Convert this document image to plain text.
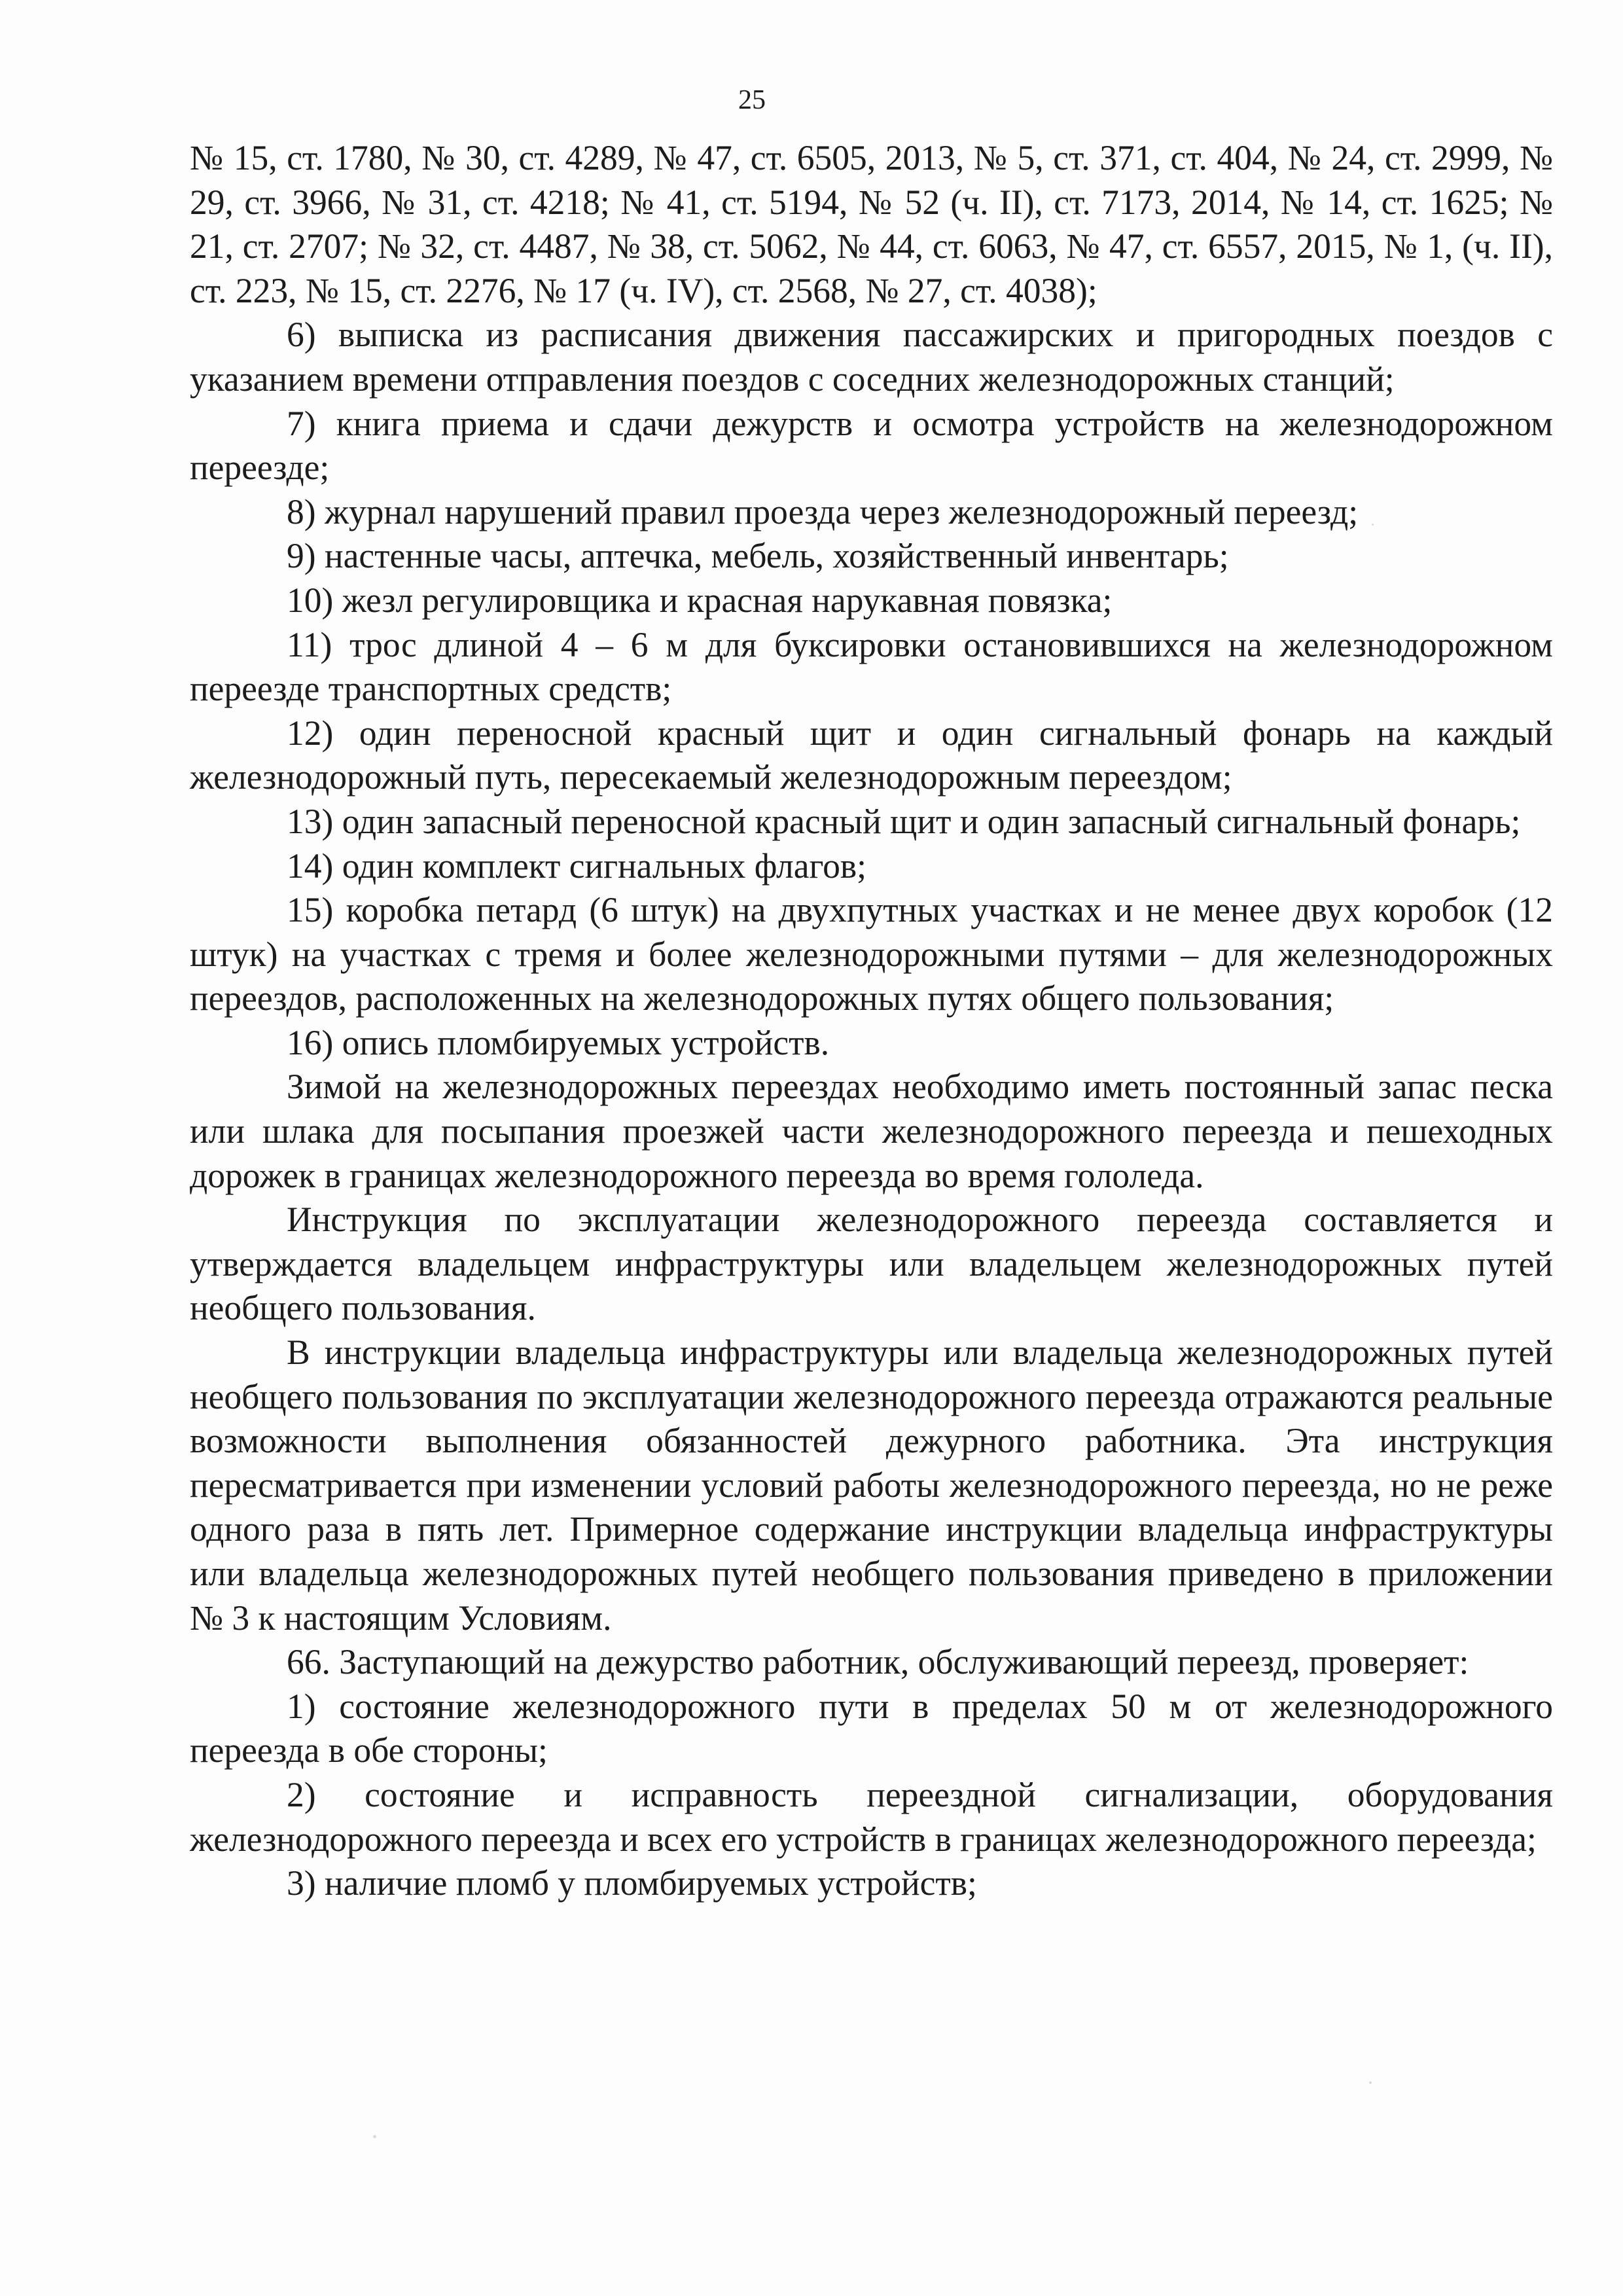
25

№ 15, ст. 1780, № 30, ст. 4289, № 47, ст. 6505, 2013, № 5, ст. 371, ст. 404, № 24, ст. 2999, № 29, ст. 3966, № 31, ст. 4218; № 41, ст. 5194, № 52 (ч. II), ст. 7173, 2014, № 14, ст. 1625; № 21, ст. 2707; № 32, ст. 4487, № 38, ст. 5062, № 44, ст. 6063, № 47, ст. 6557, 2015, № 1, (ч. II), ст. 223, № 15, ст. 2276, № 17 (ч. IV), ст. 2568, № 27, ст. 4038);

6) выписка из расписания движения пассажирских и пригородных поездов с указанием времени отправления поездов с соседних железнодорожных станций;

7) книга приема и сдачи дежурств и осмотра устройств на железнодорожном переезде;

8) журнал нарушений правил проезда через железнодорожный переезд;

9) настенные часы, аптечка, мебель, хозяйственный инвентарь;

10) жезл регулировщика и красная нарукавная повязка;

11) трос длиной 4 – 6 м для буксировки остановившихся на железнодорожном переезде транспортных средств;

12) один переносной красный щит и один сигнальный фонарь на каждый железнодорожный путь, пересекаемый железнодорожным переездом;

13) один запасный переносной красный щит и один запасный сигнальный фонарь;

14) один комплект сигнальных флагов;

15) коробка петард (6 штук) на двухпутных участках и не менее двух коробок (12 штук) на участках с тремя и более железнодорожными путями – для железнодорожных переездов, расположенных на железнодорожных путях общего пользования;

16) опись пломбируемых устройств.

Зимой на железнодорожных переездах необходимо иметь постоянный запас песка или шлака для посыпания проезжей части железнодорожного переезда и пешеходных дорожек в границах железнодорожного переезда во время гололеда.

Инструкция по эксплуатации железнодорожного переезда составляется и утверждается владельцем инфраструктуры или владельцем железнодорожных путей необщего пользования.

В инструкции владельца инфраструктуры или владельца железнодорожных путей необщего пользования по эксплуатации железнодорожного переезда отражаются реальные возможности выполнения обязанностей дежурного работника. Эта инструкция пересматривается при изменении условий работы железнодорожного переезда, но не реже одного раза в пять лет. Примерное содержание инструкции владельца инфраструктуры или владельца железнодорожных путей необщего пользования приведено в приложении № 3 к настоящим Условиям.

66. Заступающий на дежурство работник, обслуживающий переезд, проверяет:

1) состояние железнодорожного пути в пределах 50 м от железнодорожного переезда в обе стороны;

2) состояние и исправность переездной сигнализации, оборудования железнодорожного переезда и всех его устройств в границах железнодорожного переезда;

3) наличие пломб у пломбируемых устройств;
